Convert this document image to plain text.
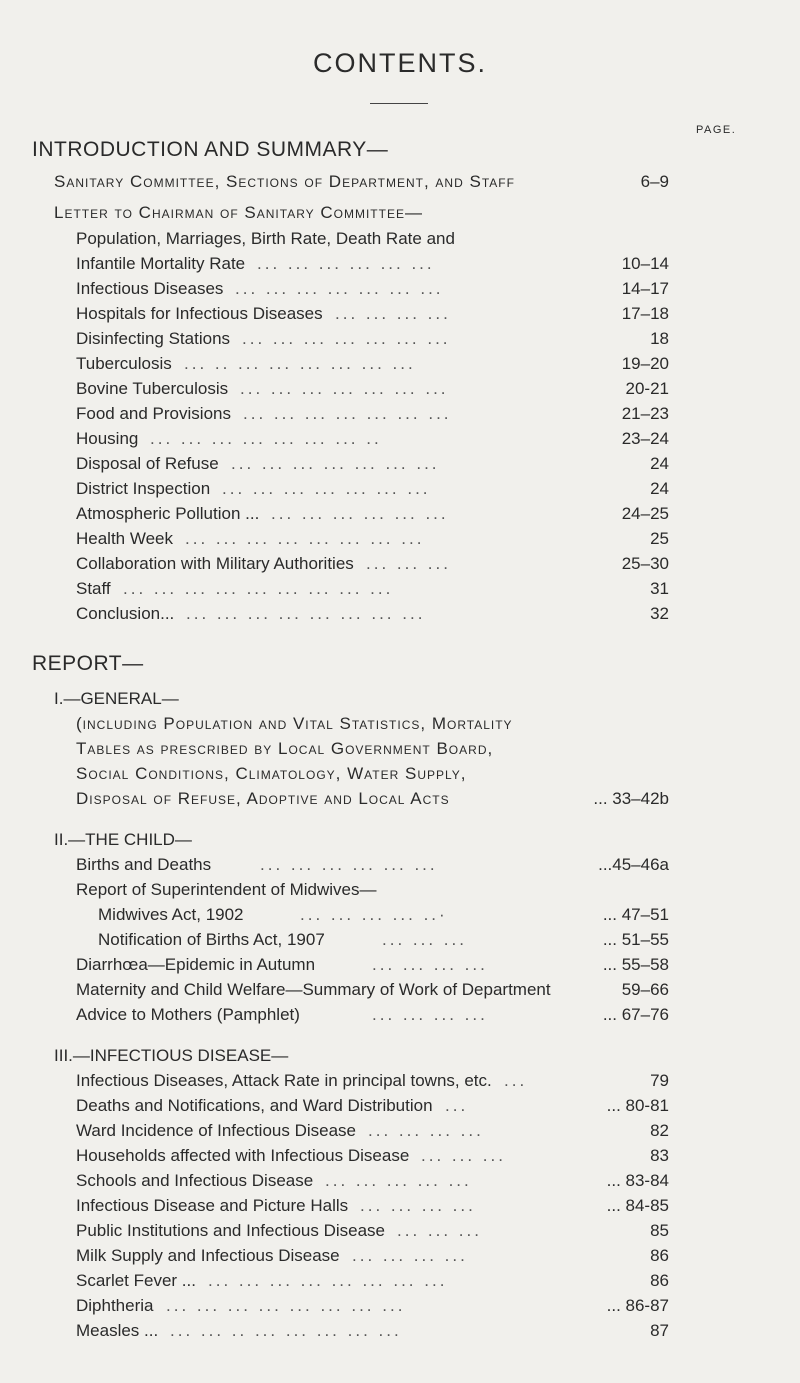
CONTENTS.
PAGE.
INTRODUCTION AND SUMMARY—
Sanitary Committee, Sections of Department, and Staff	6–9
Letter to Chairman of Sanitary Committee—
Population, Marriages, Birth Rate, Death Rate and
Infantile Mortality Rate ... ... ... ... ... ...	10–14
Infectious Diseases ... ... ... ... ... ... ...	14–17
Hospitals for Infectious Diseases ... ... ... ...	17–18
Disinfecting Stations ... ... ... ... ... ... ...	18
Tuberculosis ... .. ... ... ... ... ... ...	19–20
Bovine Tuberculosis ... ... ... ... ... ... ...	20-21
Food and Provisions ... ... ... ... ... ... ...	21–23
Housing ... ... ... ... ... ... ... ..	23–24
Disposal of Refuse ... ... ... ... ... ... ...	24
District Inspection ... ... ... ... ... ... ...	24
Atmospheric Pollution ... ... ... ... ... ... ...	24–25
Health Week ... ... ... ... ... ... ... ...	25
Collaboration with Military Authorities ... ... ...	25–30
Staff ... ... ... ... ... ... ... ... ...	31
Conclusion... ... ... ... ... ... ... ... ...	32
REPORT—
I.—GENERAL—
(including Population and Vital Statistics, Mortality
Tables as prescribed by Local Government Board,
Social Conditions, Climatology, Water Supply,
Disposal of Refuse, Adoptive and Local Acts	... 33–42b
II.—THE CHILD—
Births and Deaths	... ... ... ... ... ...	...45–46a
Report of Superintendent of Midwives—
Midwives Act, 1902	... ... ... ... ..·	... 47–51
Notification of Births Act, 1907	... ... ...	... 51–55
Diarrhœa—Epidemic in Autumn	... ... ... ...	... 55–58
Maternity and Child Welfare—Summary of Work of Department	59–66
Advice to Mothers (Pamphlet)	... ... ... ...	... 67–76
III.—INFECTIOUS DISEASE—
Infectious Diseases, Attack Rate in principal towns, etc. ...	79
Deaths and Notifications, and Ward Distribution ...	... 80-81
Ward Incidence of Infectious Disease ... ... ... ...	82
Households affected with Infectious Disease ... ... ...	83
Schools and Infectious Disease ... ... ... ... ...	... 83-84
Infectious Disease and Picture Halls ... ... ... ...	... 84-85
Public Institutions and Infectious Disease ... ... ...	85
Milk Supply and Infectious Disease ... ... ... ...	86
Scarlet Fever ... ... ... ... ... ... ... ... ...	86
Diphtheria ... ... ... ... ... ... ... ...	... 86-87
Measles ... ... ... .. ... ... ... ... ...	87
